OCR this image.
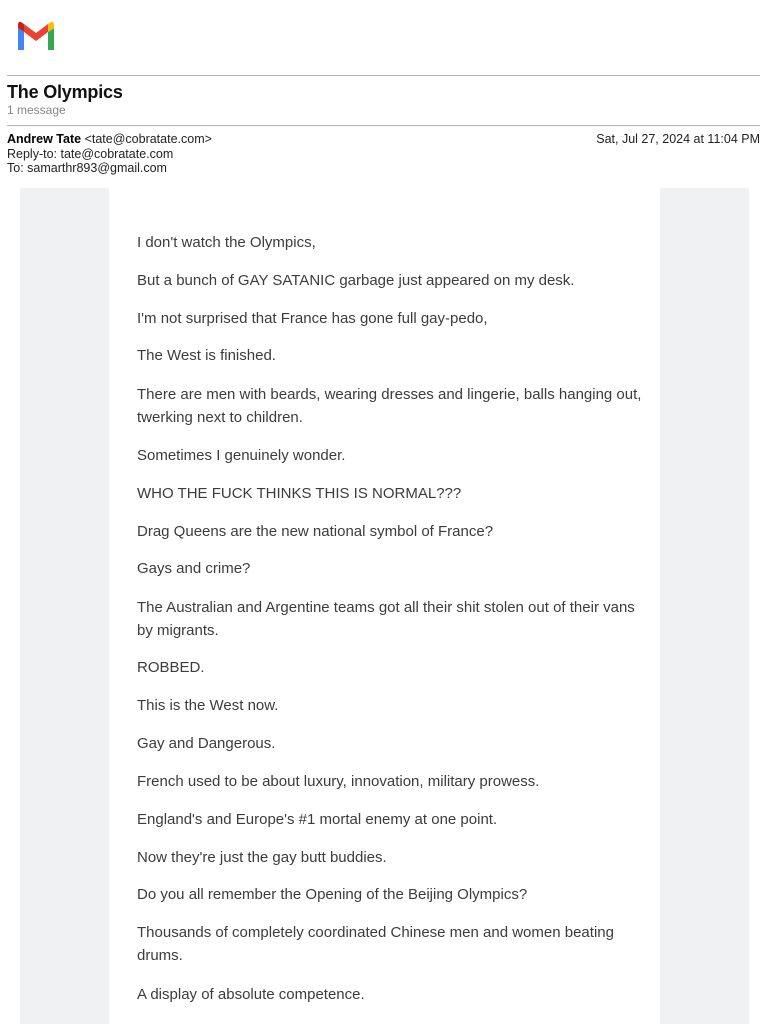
The Olympics
1 message
Andrew Tate <tate@cobratate.com>	Sat, Jul 27, 2024 at 11:04 PM
Reply-to: tate@cobratate.com
To: samarthr893@gmail.com

I don't watch the Olympics,

But a bunch of GAY SATANIC garbage just appeared on my desk.

I'm not surprised that France has gone full gay-pedo,

The West is finished.

There are men with beards, wearing dresses and lingerie, balls hanging out, twerking next to children.

Sometimes I genuinely wonder.

WHO THE FUCK THINKS THIS IS NORMAL???

Drag Queens are the new national symbol of France?

Gays and crime?

The Australian and Argentine teams got all their shit stolen out of their vans by migrants.

ROBBED.

This is the West now.

Gay and Dangerous.

French used to be about luxury, innovation, military prowess.

England's and Europe's #1 mortal enemy at one point.

Now they're just the gay butt buddies.

Do you all remember the Opening of the Beijing Olympics?

Thousands of completely coordinated Chinese men and women beating drums.

A display of absolute competence.
